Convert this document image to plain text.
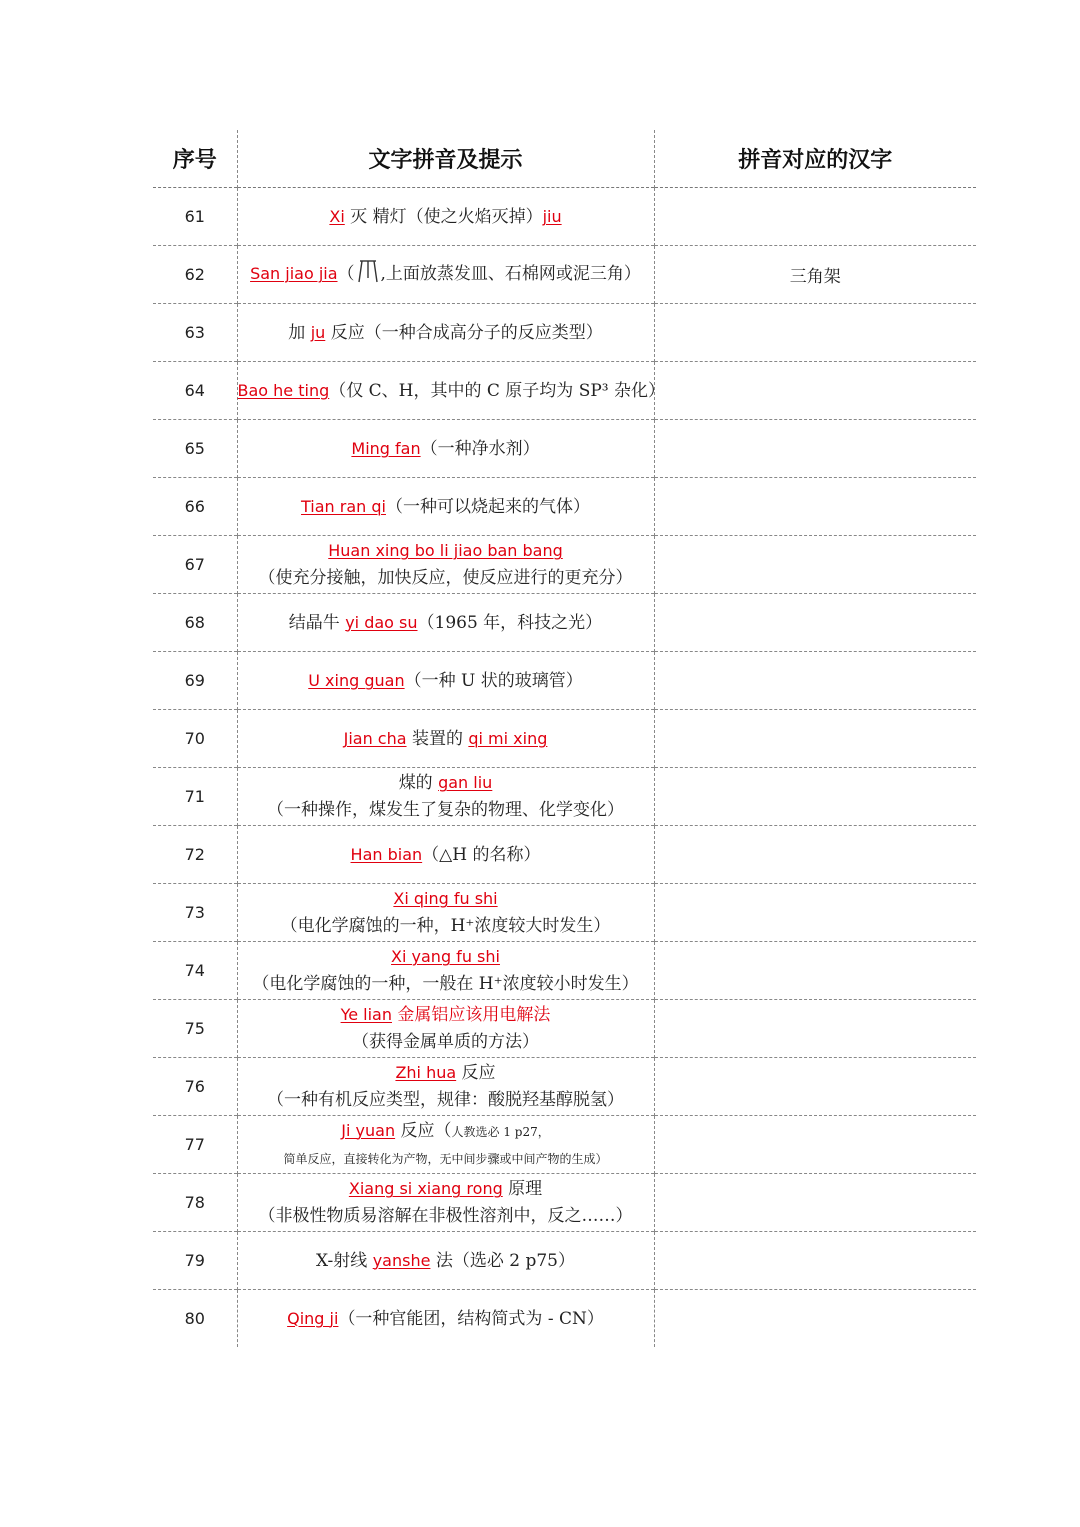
序号	文字拼音及提示	拼音对应的汉字
61	Xi 灭 精灯（使之火焰灭掉）jiu	
62	San jiao jia（ ,上面放蒸发皿、石棉网或泥三角）	三角架
63	加 ju 反应（一种合成高分子的反应类型）	
64	Bao he ting（仅 C、H，其中的 C 原子均为 SP³ 杂化）	
65	Ming fan（一种净水剂）	
66	Tian ran qi（一种可以烧起来的气体）	
67	Huan xing bo li jiao ban bang
（使充分接触，加快反应，使反应进行的更充分）	

68	结晶牛 yi dao su（1965 年，科技之光）	
69	U xing guan（一种 U 状的玻璃管）	
70	Jian cha 装置的 qi mi xing	
71	煤的 gan liu
（一种操作，煤发生了复杂的物理、化学变化）	

72	Han bian（△H 的名称）	
73	Xi qing fu shi
（电化学腐蚀的一种，H⁺浓度较大时发生）	

74	Xi yang fu shi
（电化学腐蚀的一种，一般在 H⁺浓度较小时发生）	

75	Ye lian 金属铝应该用电解法
（获得金属单质的方法）	

76	Zhi hua 反应
（一种有机反应类型，规律：酸脱羟基醇脱氢）	

77	Ji yuan 反应（人教选必 1 p27，
简单反应，直接转化为产物，无中间步骤或中间产物的生成）	

78	Xiang si xiang rong 原理
（非极性物质易溶解在非极性溶剂中，反之……）	

79	X-射线 yanshe 法（选必 2 p75）	
80	Qing ji（一种官能团，结构简式为 - CN）	
